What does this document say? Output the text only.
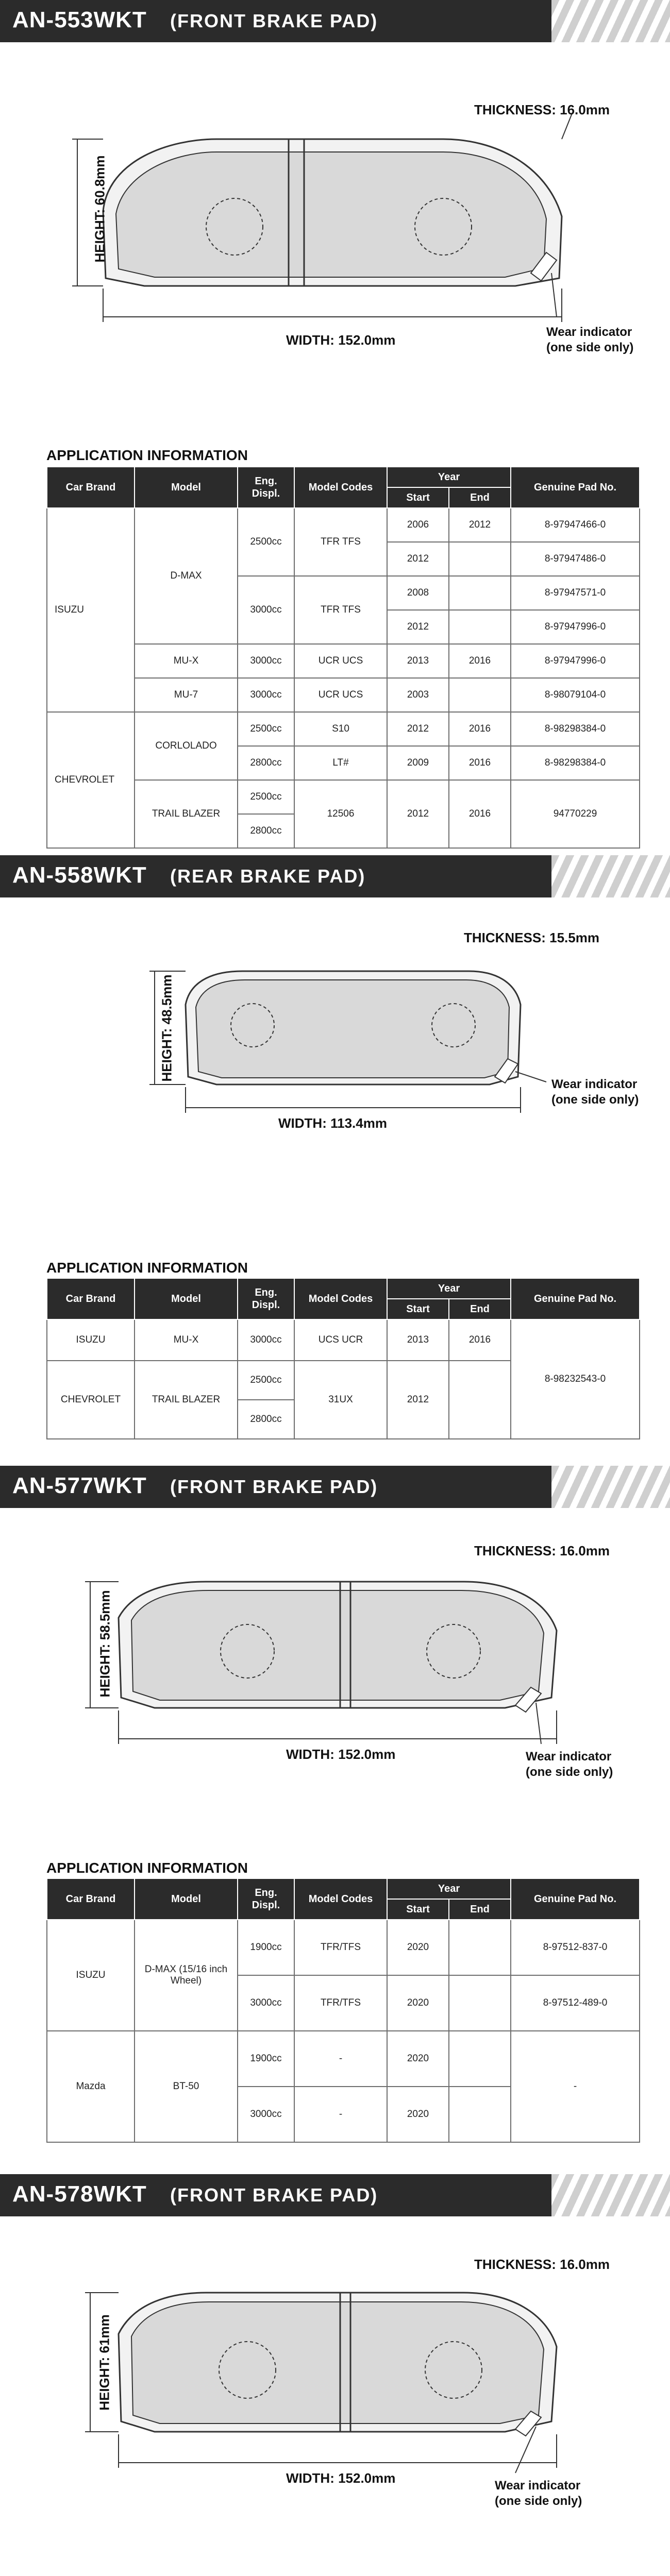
AN-553WKT (FRONT BRAKE PAD)
THICKNESS: 16.0mm
HEIGHT: 60.8mm
WIDTH: 152.0mm
Wear indicator
(one side only)
APPLICATION INFORMATION
Car Brand	Model	Eng. Displ.	Model Codes	Year		Genuine Pad No.
				Start	End	
ISUZU	D-MAX	2500cc	TFR TFS	2006	2012	8-97947466-0
				2012		8-97947486-0
		3000cc	TFR TFS	2008		8-97947571-0
				2012		8-97947996-0
	MU-X	3000cc	UCR UCS	2013	2016	8-97947996-0
	MU-7	3000cc	UCR UCS	2003		8-98079104-0
CHEVROLET	CORLOLADO	2500cc	S10	2012	2016	8-98298384-0
		2800cc	LT#	2009	2016	8-98298384-0
	TRAIL BLAZER	2500cc	12506	2012	2016	94770229
		2800cc				
AN-558WKT (REAR BRAKE PAD)
THICKNESS: 15.5mm
HEIGHT: 48.5mm
WIDTH: 113.4mm
Wear indicator
(one side only)
APPLICATION INFORMATION
Car Brand	Model	Eng. Displ.	Model Codes	Year		Genuine Pad No.
				Start	End	
ISUZU	MU-X	3000cc	UCS UCR	2013	2016	8-98232543-0
CHEVROLET	TRAIL BLAZER	2500cc	31UX	2012		
		2800cc				
AN-577WKT (FRONT BRAKE PAD)
THICKNESS: 16.0mm
HEIGHT: 58.5mm
WIDTH: 152.0mm	Wear indicator
(one side only)
APPLICATION INFORMATION
Car Brand	Model	Eng. Displ.	Model Codes	Year		Genuine Pad No.
				Start	End	
ISUZU	D-MAX (15/16 inch Wheel)	1900cc	TFR/TFS	2020		8-97512-837-0
		3000cc	TFR/TFS	2020		8-97512-489-0
Mazda	BT-50	1900cc	-	2020		-
		3000cc	-	2020		
AN-578WKT (FRONT BRAKE PAD)
THICKNESS: 16.0mm
HEIGHT: 61mm
WIDTH: 152.0mm	Wear indicator
(one side only)
